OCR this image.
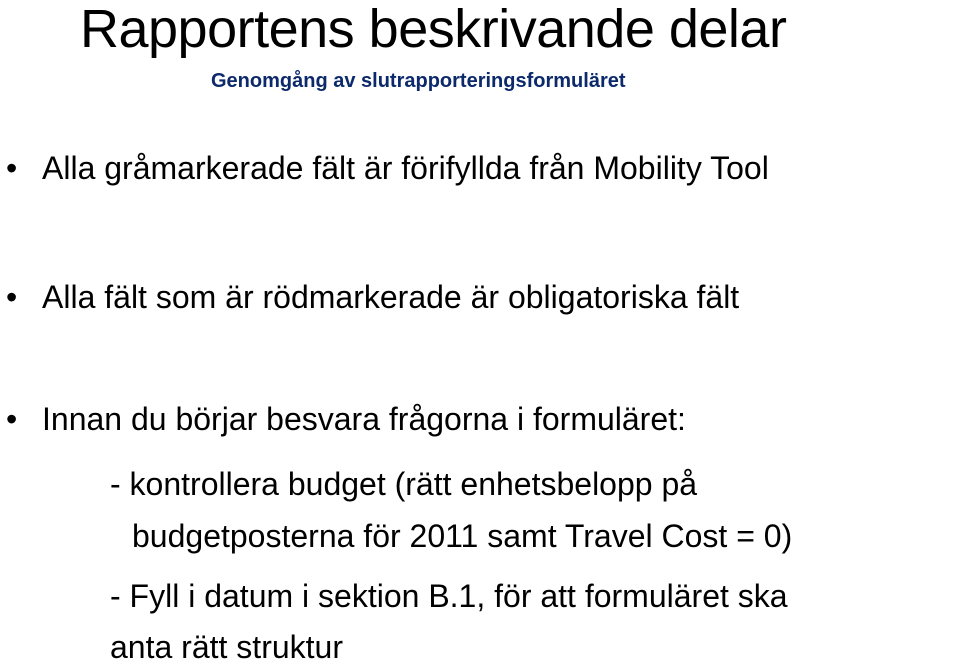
Rapportens beskrivande delar
Genomgång av slutrapporteringsformuläret
• Alla gråmarkerade fält är förifyllda från Mobility Tool
• Alla fält som är rödmarkerade är obligatoriska fält
• Innan du börjar besvara frågorna i formuläret:
- kontrollera budget (rätt enhetsbelopp på
budgetposterna för 2011 samt Travel Cost = 0)
- Fyll i datum i sektion B.1, för att formuläret ska
anta rätt struktur
